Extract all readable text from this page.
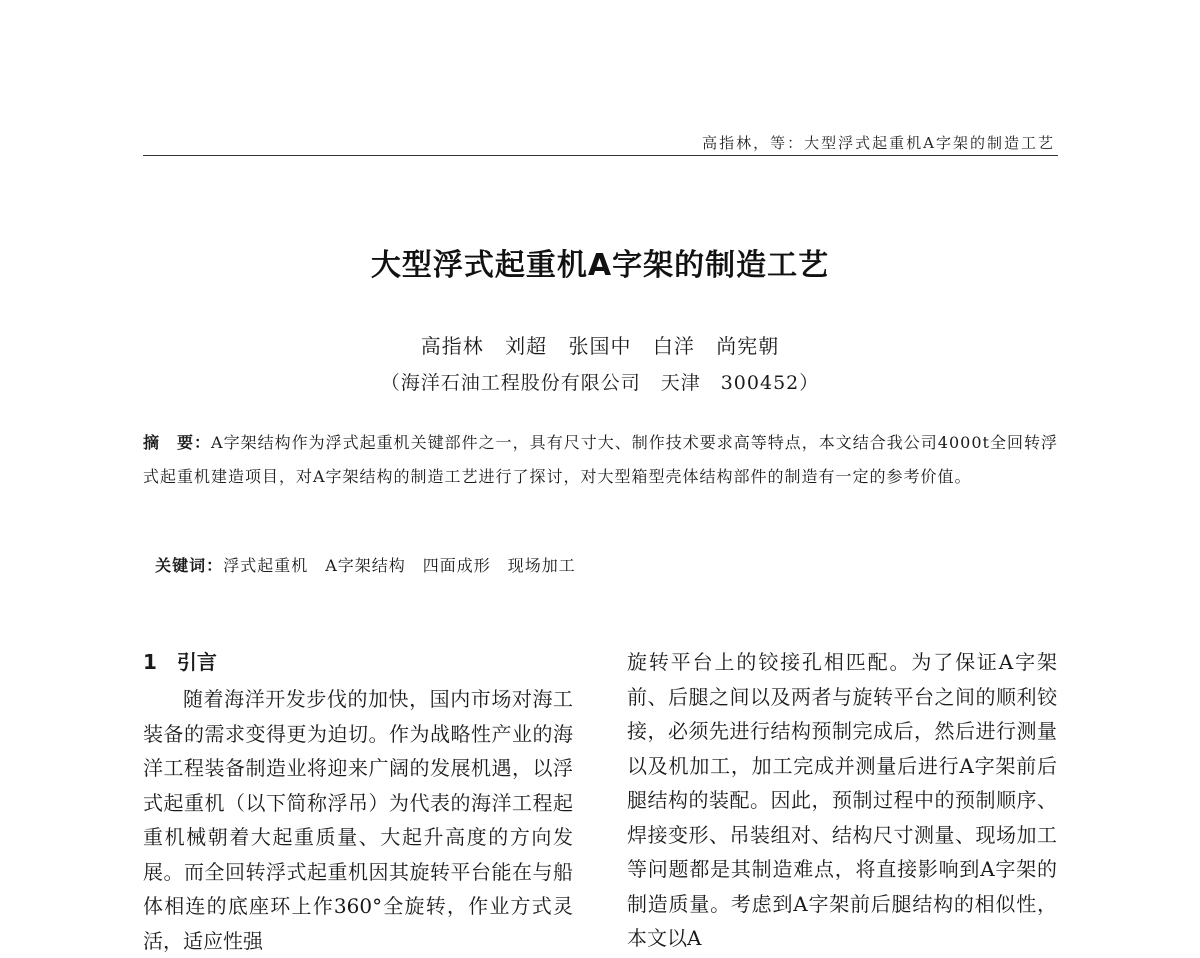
高指林，等：大型浮式起重机A字架的制造工艺
大型浮式起重机A字架的制造工艺
高指林 刘超 张国中 白洋 尚宪朝
（海洋石油工程股份有限公司　天津　300452）
摘　要：A字架结构作为浮式起重机关键部件之一，具有尺寸大、制作技术要求高等特点，本文结合我公司4000t全回转浮式起重机建造项目，对A字架结构的制造工艺进行了探讨，对大型箱型壳体结构部件的制造有一定的参考价值。

关键词：浮式起重机　A字架结构　四面成形　现场加工

1　引言
随着海洋开发步伐的加快，国内市场对海工装备的需求变得更为迫切。作为战略性产业的海洋工程装备制造业将迎来广阔的发展机遇，以浮式起重机（以下简称浮吊）为代表的海洋工程起重机械朝着大起重质量、大起升高度的方向发展。而全回转浮式起重机因其旋转平台能在与船体相连的底座环上作360°全旋转，作业方式灵活，适应性强
旋转平台上的铰接孔相匹配。为了保证A字架前、后腿之间以及两者与旋转平台之间的顺利铰接，必须先进行结构预制完成后，然后进行测量以及机加工，加工完成并测量后进行A字架前后腿结构的装配。因此，预制过程中的预制顺序、焊接变形、吊装组对、结构尺寸测量、现场加工等问题都是其制造难点，将直接影响到A字架的制造质量。考虑到A字架前后腿结构的相似性，本文以A
